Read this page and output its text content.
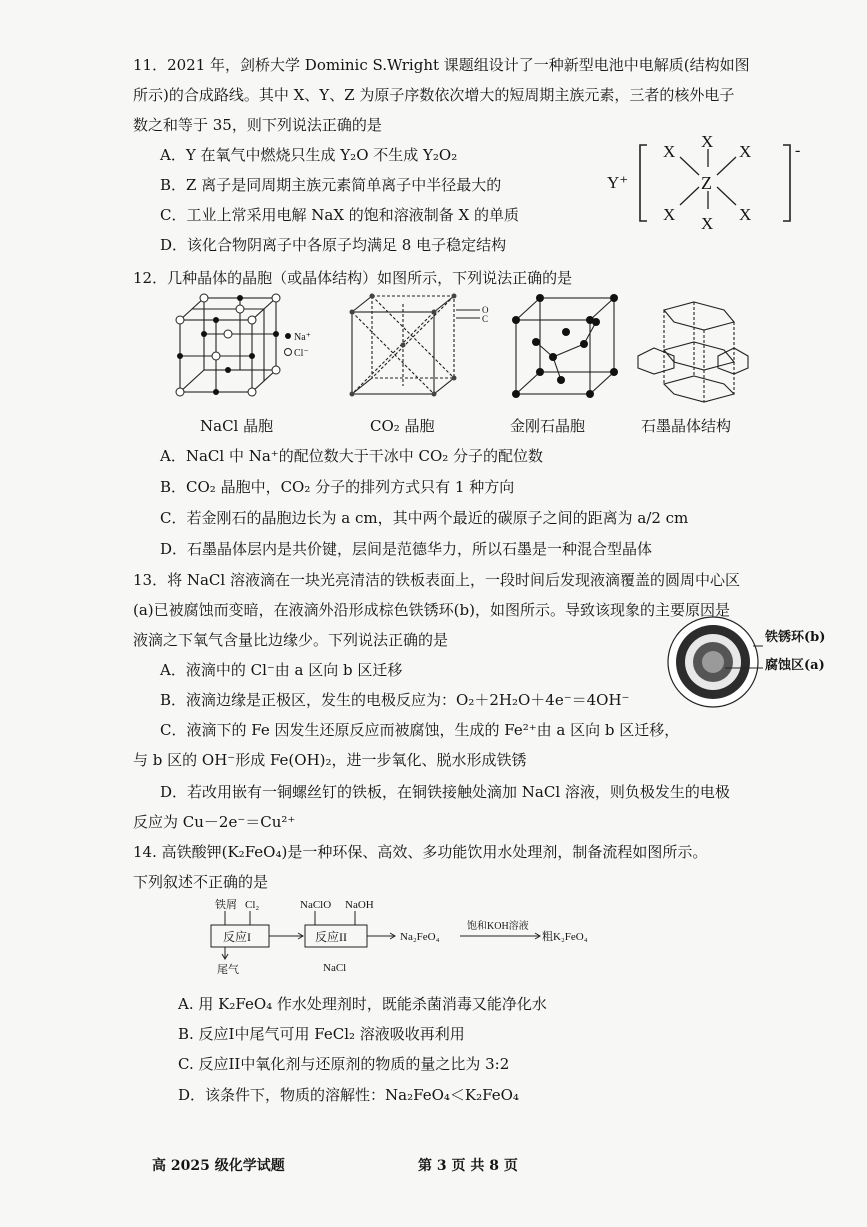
11．2021 年，剑桥大学 Dominic S.Wright 课题组设计了一种新型电池中电解质(结构如图
所示)的合成路线。其中 X、Y、Z 为原子序数依次增大的短周期主族元素，三者的核外电子
数之和等于 35，则下列说法正确的是
A．Y 在氧气中燃烧只生成 Y₂O 不生成 Y₂O₂
B．Z 离子是同周期主族元素简单离子中半径最大的
C．工业上常采用电解 NaX 的饱和溶液制备 X 的单质
D．该化合物阴离子中各原子均满足 8 电子稳定结构
Y⁺
-
Z
X
X
X
X X X
12．几种晶体的晶胞（或晶体结构）如图所示，下列说法正确的是
Na⁺
Cl⁻
O
C
NaCl 晶胞	CO₂ 晶胞	金刚石晶胞	石墨晶体结构
A．NaCl 中 Na⁺的配位数大于干冰中 CO₂ 分子的配位数
B．CO₂ 晶胞中，CO₂ 分子的排列方式只有 1 种方向
C．若金刚石的晶胞边长为 a cm，其中两个最近的碳原子之间的距离为 a/2 cm
D．石墨晶体层内是共价键，层间是范德华力，所以石墨是一种混合型晶体
13．将 NaCl 溶液滴在一块光亮清洁的铁板表面上，一段时间后发现液滴覆盖的圆周中心区
(a)已被腐蚀而变暗，在液滴外沿形成棕色铁锈环(b)，如图所示。导致该现象的主要原因是
液滴之下氧气含量比边缘少。下列说法正确的是	铁锈环(b)
腐蚀区(a)
A．液滴中的 Cl⁻由 a 区向 b 区迁移
B．液滴边缘是正极区，发生的电极反应为：O₂＋2H₂O＋4e⁻＝4OH⁻
C．液滴下的 Fe 因发生还原反应而被腐蚀，生成的 Fe²⁺由 a 区向 b 区迁移，
与 b 区的 OH⁻形成 Fe(OH)₂，进一步氧化、脱水形成铁锈
D．若改用嵌有一铜螺丝钉的铁板，在铜铁接触处滴加 NaCl 溶液，则负极发生的电极
反应为 Cu－2e⁻＝Cu²⁺
14. 高铁酸钾(K₂FeO₄)是一种环保、高效、多功能饮用水处理剂，制备流程如图所示。
下列叙述不正确的是
铁屑 Cl₂	NaClO NaOH
反应I	反应II	Na₂FeO₄
饱和KOH溶液
粗K₂FeO₄
尾气	NaCl
A. 用 K₂FeO₄ 作水处理剂时，既能杀菌消毒又能净化水
B. 反应I中尾气可用 FeCl₂ 溶液吸收再利用
C. 反应II中氧化剂与还原剂的物质的量之比为 3:2
D．该条件下，物质的溶解性：Na₂FeO₄＜K₂FeO₄
高 2025 级化学试题	第 3 页 共 8 页
